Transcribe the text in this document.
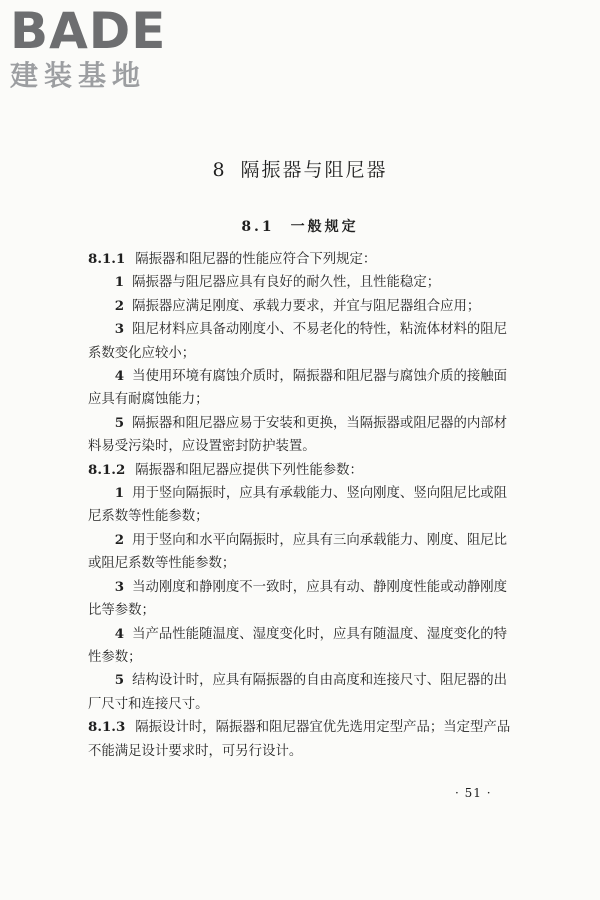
BADE
建装基地
8 隔振器与阻尼器
8.1 一般规定

8.1.1 隔振器和阻尼器的性能应符合下列规定：

1 隔振器与阻尼器应具有良好的耐久性，且性能稳定；

2 隔振器应满足刚度、承载力要求，并宜与阻尼器组合应用；

3 阻尼材料应具备动刚度小、不易老化的特性，粘流体材料的阻尼系数变化应较小；

4 当使用环境有腐蚀介质时，隔振器和阻尼器与腐蚀介质的接触面应具有耐腐蚀能力；

5 隔振器和阻尼器应易于安装和更换，当隔振器或阻尼器的内部材料易受污染时，应设置密封防护装置。

8.1.2 隔振器和阻尼器应提供下列性能参数：

1 用于竖向隔振时，应具有承载能力、竖向刚度、竖向阻尼比或阻尼系数等性能参数；

2 用于竖向和水平向隔振时，应具有三向承载能力、刚度、阻尼比或阻尼系数等性能参数；

3 当动刚度和静刚度不一致时，应具有动、静刚度性能或动静刚度比等参数；

4 当产品性能随温度、湿度变化时，应具有随温度、湿度变化的特性参数；

5 结构设计时，应具有隔振器的自由高度和连接尺寸、阻尼器的出厂尺寸和连接尺寸。

8.1.3 隔振设计时，隔振器和阻尼器宜优先选用定型产品；当定型产品不能满足设计要求时，可另行设计。

· 51 ·
